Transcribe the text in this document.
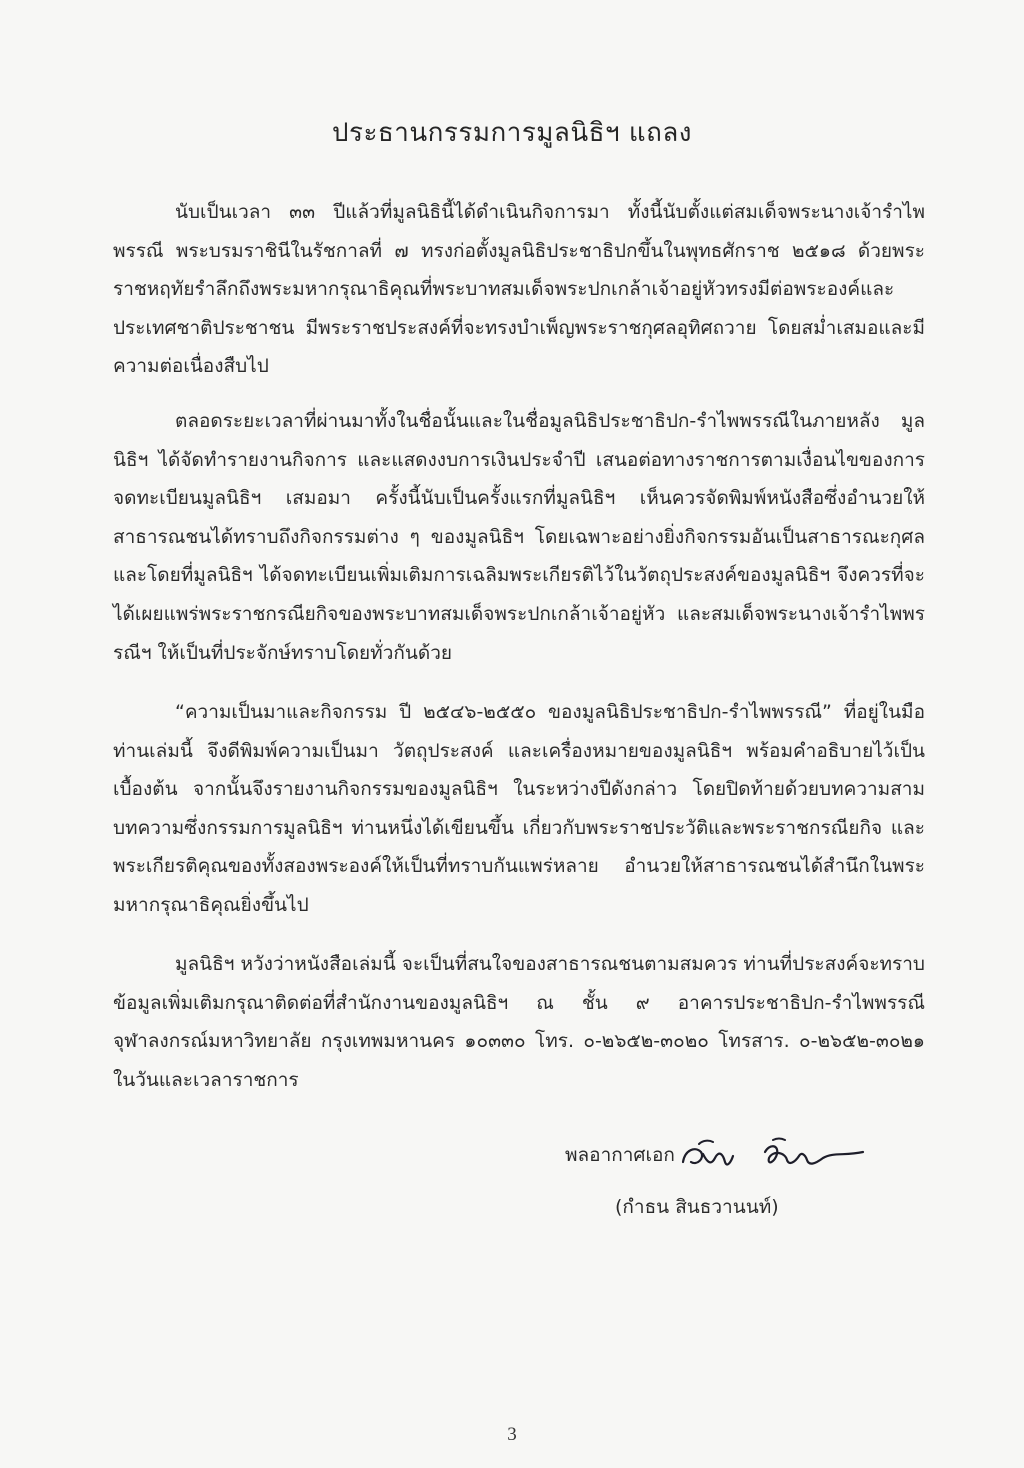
ประธานกรรมการมูลนิธิฯ แถลง

นับเป็นเวลา ๓๓ ปีแล้วที่มูลนิธินี้ได้ดำเนินกิจการมา ทั้งนี้นับตั้งแต่สมเด็จพระนางเจ้ารำไพพรรณี พระบรมราชินีในรัชกาลที่ ๗ ทรงก่อตั้งมูลนิธิประชาธิปกขึ้นในพุทธศักราช ๒๕๑๘ ด้วยพระราชหฤทัยรำลึกถึงพระมหากรุณาธิคุณที่พระบาทสมเด็จพระปกเกล้าเจ้าอยู่หัวทรงมีต่อพระองค์และประเทศชาติประชาชน มีพระราชประสงค์ที่จะทรงบำเพ็ญพระราชกุศลอุทิศถวาย โดยสม่ำเสมอและมีความต่อเนื่องสืบไป

ตลอดระยะเวลาที่ผ่านมาทั้งในชื่อนั้นและในชื่อมูลนิธิประชาธิปก-รำไพพรรณีในภายหลัง มูลนิธิฯ ได้จัดทำรายงานกิจการ และแสดงงบการเงินประจำปี เสนอต่อทางราชการตามเงื่อนไขของการจดทะเบียนมูลนิธิฯ เสมอมา ครั้งนี้นับเป็นครั้งแรกที่มูลนิธิฯ เห็นควรจัดพิมพ์หนังสือซึ่งอำนวยให้สาธารณชนได้ทราบถึงกิจกรรมต่าง ๆ ของมูลนิธิฯ โดยเฉพาะอย่างยิ่งกิจกรรมอันเป็นสาธารณะกุศล และโดยที่มูลนิธิฯ ได้จดทะเบียนเพิ่มเติมการเฉลิมพระเกียรติไว้ในวัตถุประสงค์ของมูลนิธิฯ จึงควรที่จะได้เผยแพร่พระราชกรณียกิจของพระบาทสมเด็จพระปกเกล้าเจ้าอยู่หัว และสมเด็จพระนางเจ้ารำไพพรรณีฯ ให้เป็นที่ประจักษ์ทราบโดยทั่วกันด้วย

“ความเป็นมาและกิจกรรม ปี ๒๕๔๖-๒๕๕๐ ของมูลนิธิประชาธิปก-รำไพพรรณี” ที่อยู่ในมือท่านเล่มนี้ จึงดีพิมพ์ความเป็นมา วัตถุประสงค์ และเครื่องหมายของมูลนิธิฯ พร้อมคำอธิบายไว้เป็นเบื้องต้น จากนั้นจึงรายงานกิจกรรมของมูลนิธิฯ ในระหว่างปีดังกล่าว โดยปิดท้ายด้วยบทความสามบทความซึ่งกรรมการมูลนิธิฯ ท่านหนึ่งได้เขียนขึ้น เกี่ยวกับพระราชประวัติและพระราชกรณียกิจ และพระเกียรติคุณของทั้งสองพระองค์ให้เป็นที่ทราบกันแพร่หลาย อำนวยให้สาธารณชนได้สำนึกในพระมหากรุณาธิคุณยิ่งขึ้นไป

มูลนิธิฯ หวังว่าหนังสือเล่มนี้ จะเป็นที่สนใจของสาธารณชนตามสมควร ท่านที่ประสงค์จะทราบข้อมูลเพิ่มเติมกรุณาติดต่อที่สำนักงานของมูลนิธิฯ ณ ชั้น ๙ อาคารประชาธิปก-รำไพพรรณี จุฬาลงกรณ์มหาวิทยาลัย กรุงเทพมหานคร ๑๐๓๓๐ โทร. ๐-๒๖๕๒-๓๐๒๐ โทรสาร. ๐-๒๖๕๒-๓๐๒๑ ในวันและเวลาราชการ

พลอากาศเอก
(กำธน สินธวานนท์)
3
